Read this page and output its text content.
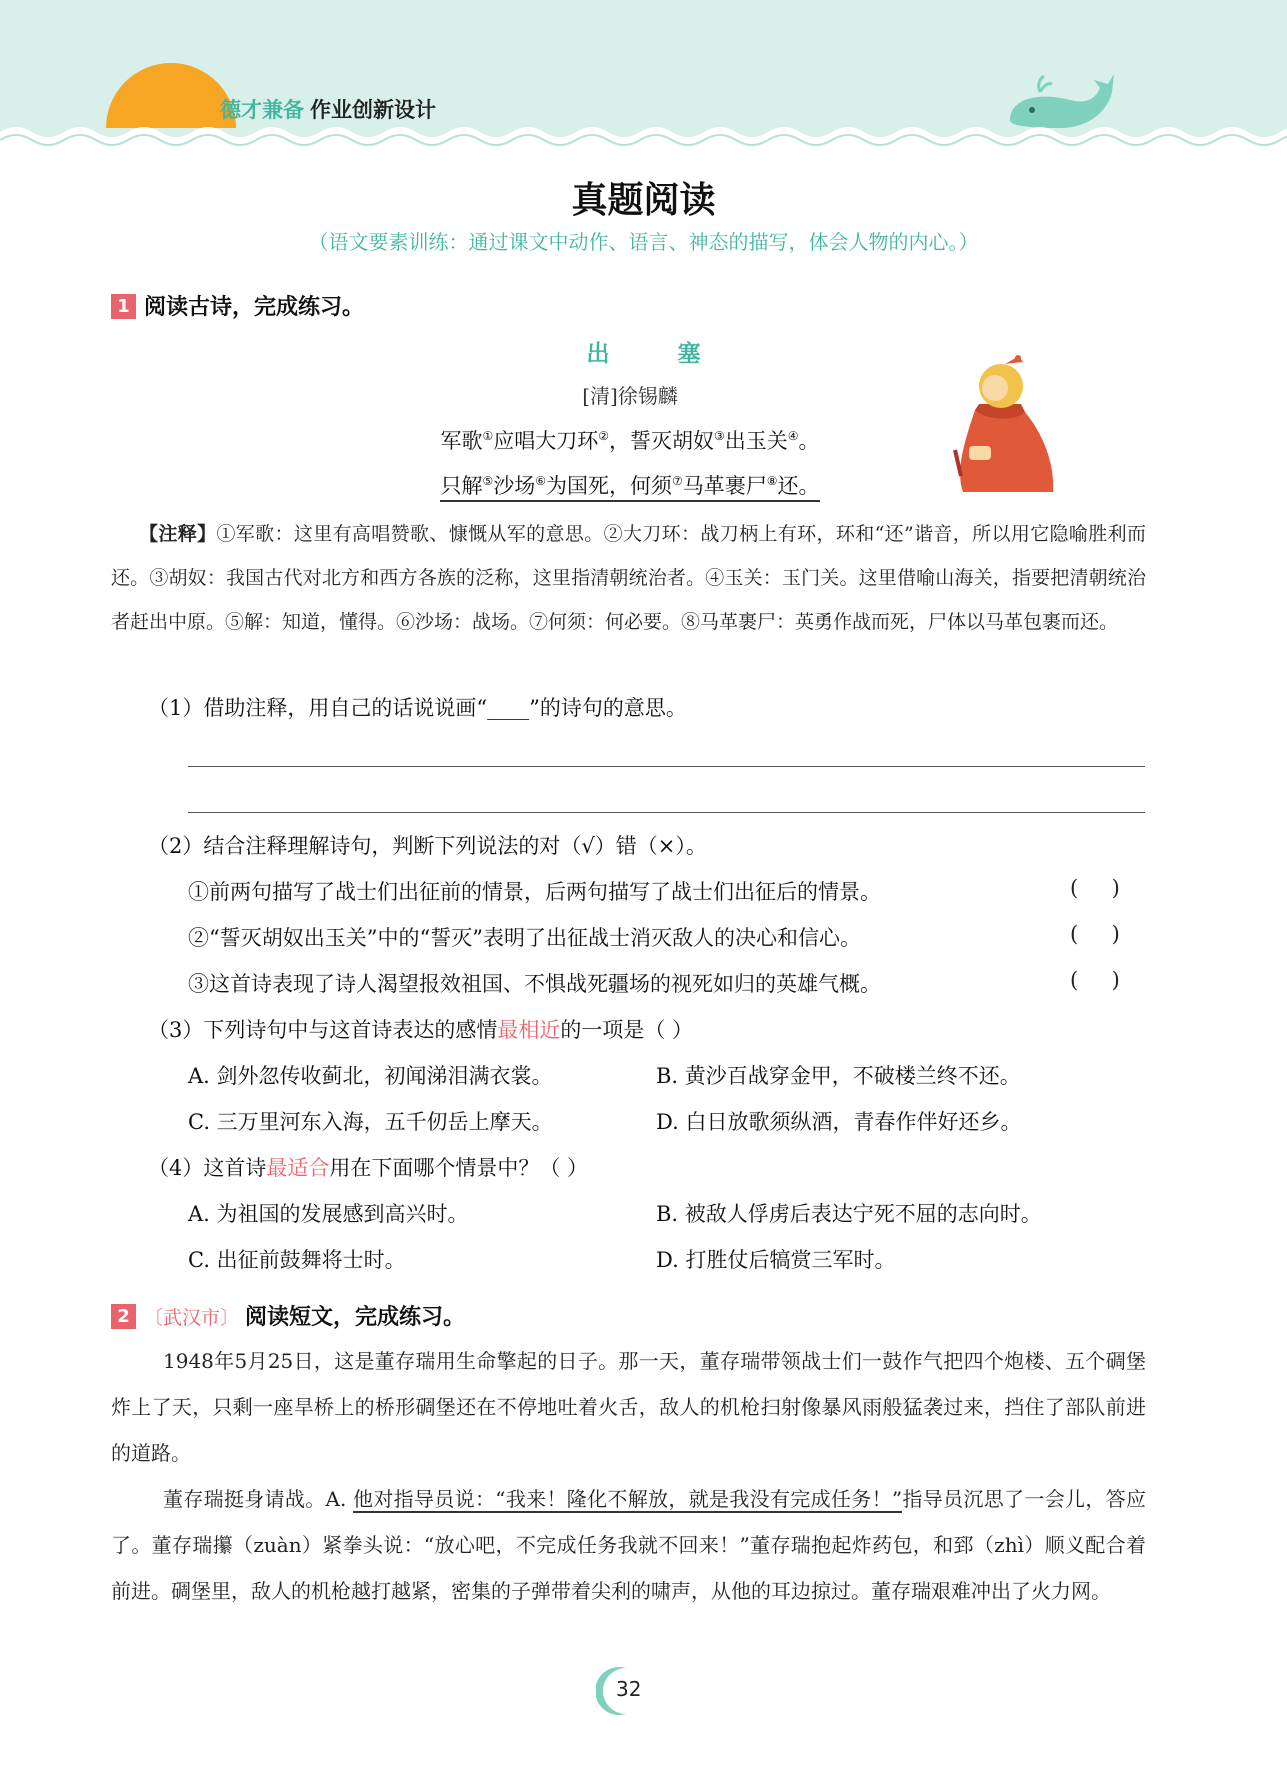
德才兼备 作业创新设计
真题阅读
（语文要素训练：通过课文中动作、语言、神态的描写，体会人物的内心。）
1 阅读古诗，完成练习。
出 塞
[清]徐锡麟
军歌①应唱大刀环②，誓灭胡奴③出玉关④。
只解⑤沙场⑥为国死，何须⑦马革裹尸⑧还。
【注释】①军歌：这里有高唱赞歌、慷慨从军的意思。②大刀环：战刀柄上有环，环和“还”谐音，所以用它隐喻胜利而还。③胡奴：我国古代对北方和西方各族的泛称，这里指清朝统治者。④玉关：玉门关。这里借喻山海关，指要把清朝统治者赶出中原。⑤解：知道，懂得。⑥沙场：战场。⑦何须：何必要。⑧马革裹尸：英勇作战而死，尸体以马革包裹而还。
（1）借助注释，用自己的话说说画“____”的诗句的意思。
（2）结合注释理解诗句，判断下列说法的对（√）错（×）。
①前两句描写了战士们出征前的情景，后两句描写了战士们出征后的情景。	(     )
②“誓灭胡奴出玉关”中的“誓灭”表明了出征战士消灭敌人的决心和信心。	(     )
③这首诗表现了诗人渴望报效祖国、不惧战死疆场的视死如归的英雄气概。	(     )
（3）下列诗句中与这首诗表达的感情最相近的一项是（ ）
A. 剑外忽传收蓟北，初闻涕泪满衣裳。	B. 黄沙百战穿金甲，不破楼兰终不还。
C. 三万里河东入海，五千仞岳上摩天。	D. 白日放歌须纵酒，青春作伴好还乡。
（4）这首诗最适合用在下面哪个情景中？（ ）
A. 为祖国的发展感到高兴时。	B. 被敌人俘虏后表达宁死不屈的志向时。
C. 出征前鼓舞将士时。	D. 打胜仗后犒赏三军时。
2 〔武汉市〕 阅读短文，完成练习。
1948年5月25日，这是董存瑞用生命擎起的日子。那一天，董存瑞带领战士们一鼓作气把四个炮楼、五个碉堡炸上了天，只剩一座旱桥上的桥形碉堡还在不停地吐着火舌，敌人的机枪扫射像暴风雨般猛袭过来，挡住了部队前进的道路。
董存瑞挺身请战。A. 他对指导员说：“我来！隆化不解放，就是我没有完成任务！”指导员沉思了一会儿，答应了。董存瑞攥（zuàn）紧拳头说：“放心吧，不完成任务我就不回来！”董存瑞抱起炸药包，和郅（zhì）顺义配合着前进。碉堡里，敌人的机枪越打越紧，密集的子弹带着尖利的啸声，从他的耳边掠过。董存瑞艰难冲出了火力网。
32
